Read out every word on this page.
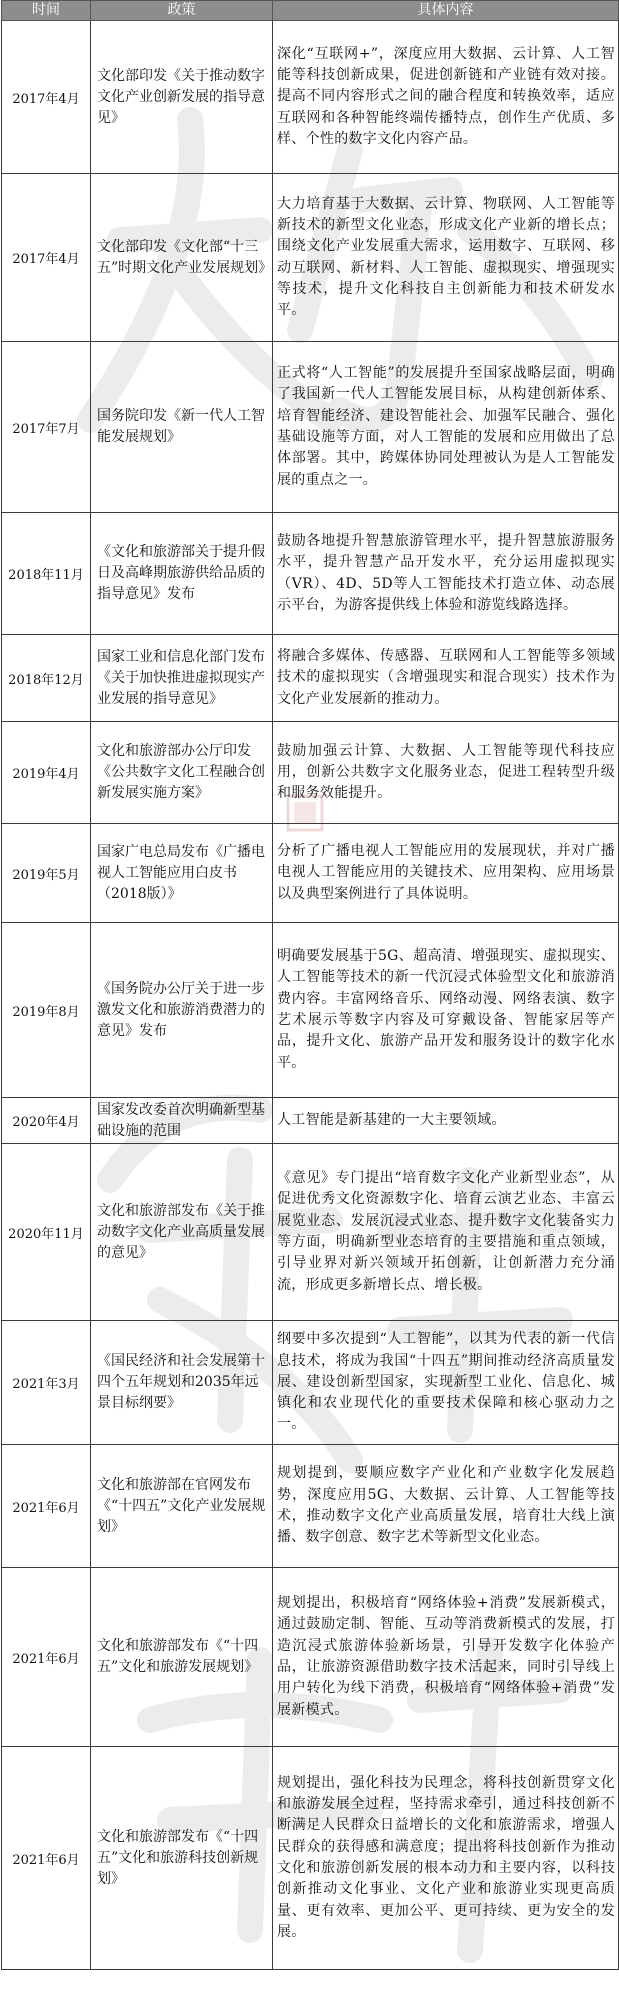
时间	政策	具体内容
2017年4月	文化部印发《关于推动数字文化产业创新发展的指导意见》	深化“互联网+”，深度应用大数据、云计算、人工智能等科技创新成果，促进创新链和产业链有效对接。提高不同内容形式之间的融合程度和转换效率，适应互联网和各种智能终端传播特点，创作生产优质、多样、个性的数字文化内容产品。
2017年4月	文化部印发《文化部“十三五”时期文化产业发展规划》	大力培育基于大数据、云计算、物联网、人工智能等新技术的新型文化业态，形成文化产业新的增长点；围绕文化产业发展重大需求，运用数字、互联网、移动互联网、新材料、人工智能、虚拟现实、增强现实等技术，提升文化科技自主创新能力和技术研发水平。
2017年7月	国务院印发《新一代人工智能发展规划》	正式将“人工智能”的发展提升至国家战略层面，明确了我国新一代人工智能发展目标，从构建创新体系、培育智能经济、建设智能社会、加强军民融合、强化基础设施等方面，对人工智能的发展和应用做出了总体部署。其中，跨媒体协同处理被认为是人工智能发展的重点之一。
2018年11月	《文化和旅游部关于提升假日及高峰期旅游供给品质的指导意见》发布	鼓励各地提升智慧旅游管理水平，提升智慧旅游服务水平，提升智慧产品开发水平，充分运用虚拟现实（VR）、4D、5D等人工智能技术打造立体、动态展示平台，为游客提供线上体验和游览线路选择。
2018年12月	国家工业和信息化部门发布《关于加快推进虚拟现实产业发展的指导意见》	将融合多媒体、传感器、互联网和人工智能等多领域技术的虚拟现实（含增强现实和混合现实）技术作为文化产业发展新的推动力。
2019年4月	文化和旅游部办公厅印发《公共数字文化工程融合创新发展实施方案》	鼓励加强云计算、大数据、人工智能等现代科技应用，创新公共数字文化服务业态，促进工程转型升级和服务效能提升。
2019年5月	国家广电总局发布《广播电视人工智能应用白皮书（2018版）》	分析了广播电视人工智能应用的发展现状，并对广播电视人工智能应用的关键技术、应用架构、应用场景以及典型案例进行了具体说明。
2019年8月	《国务院办公厅关于进一步激发文化和旅游消费潜力的意见》发布	明确要发展基于5G、超高清、增强现实、虚拟现实、人工智能等技术的新一代沉浸式体验型文化和旅游消费内容。丰富网络音乐、网络动漫、网络表演、数字艺术展示等数字内容及可穿戴设备、智能家居等产品，提升文化、旅游产品开发和服务设计的数字化水平。
2020年4月	国家发改委首次明确新型基础设施的范围	人工智能是新基建的一大主要领域。
2020年11月	文化和旅游部发布《关于推动数字文化产业高质量发展的意见》	《意见》专门提出“培育数字文化产业新型业态”，从促进优秀文化资源数字化、培育云演艺业态、丰富云展览业态、发展沉浸式业态、提升数字文化装备实力等方面，明确新型业态培育的主要措施和重点领域，引导业界对新兴领域开拓创新，让创新潜力充分涌流，形成更多新增长点、增长极。
2021年3月	《国民经济和社会发展第十四个五年规划和2035年远景目标纲要》	纲要中多次提到“人工智能”，以其为代表的新一代信息技术，将成为我国“十四五”期间推动经济高质量发展、建设创新型国家，实现新型工业化、信息化、城镇化和农业现代化的重要技术保障和核心驱动力之一。
2021年6月	文化和旅游部在官网发布《“十四五”文化产业发展规划》	规划提到，要顺应数字产业化和产业数字化发展趋势，深度应用5G、大数据、云计算、人工智能等技术，推动数字文化产业高质量发展，培育壮大线上演播、数字创意、数字艺术等新型文化业态。
2021年6月	文化和旅游部发布《“十四五”文化和旅游发展规划》	规划提出，积极培育“网络体验+消费”发展新模式，通过鼓励定制、智能、互动等消费新模式的发展，打造沉浸式旅游体验新场景，引导开发数字化体验产品，让旅游资源借助数字技术活起来，同时引导线上用户转化为线下消费，积极培育“网络体验+消费”发展新模式。
2021年6月	文化和旅游部发布《“十四五”文化和旅游科技创新规划》	规划提出，强化科技为民理念，将科技创新贯穿文化和旅游发展全过程，坚持需求牵引，通过科技创新不断满足人民群众日益增长的文化和旅游需求，增强人民群众的获得感和满意度；提出将科技创新作为推动文化和旅游创新发展的根本动力和主要内容，以科技创新推动文化事业、文化产业和旅游业实现更高质量、更有效率、更加公平、更可持续、更为安全的发展。
